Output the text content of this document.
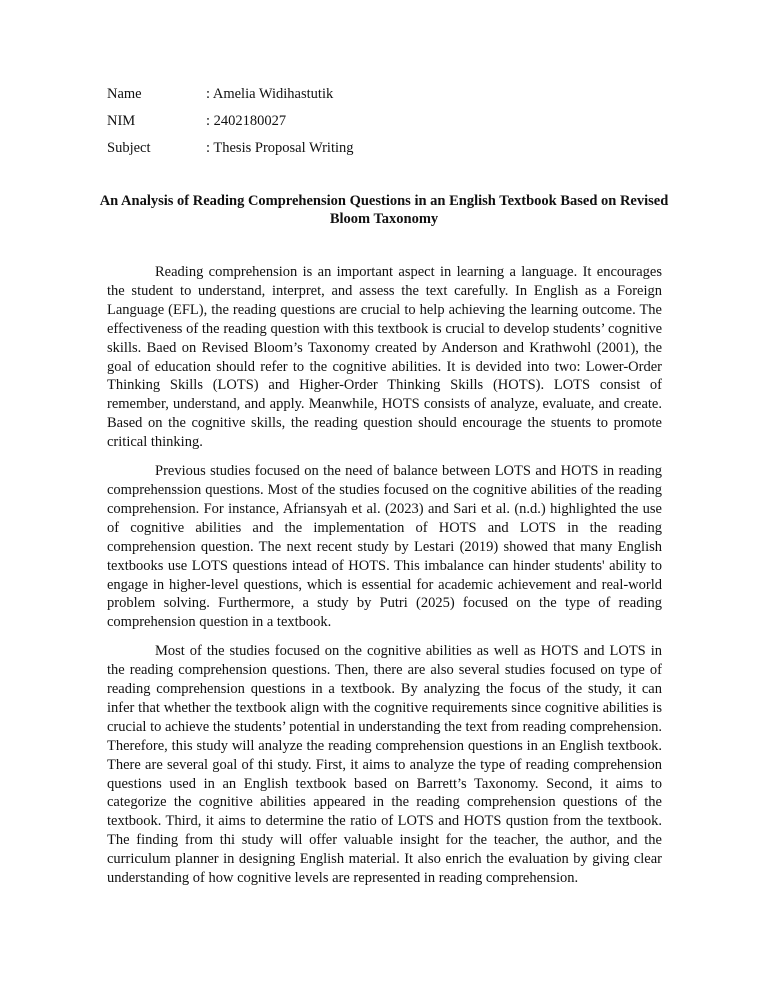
Name	: Amelia Widihastutik
NIM	: 2402180027
Subject	: Thesis Proposal Writing
An Analysis of Reading Comprehension Questions in an English Textbook Based on Revised Bloom Taxonomy

Reading comprehension is an important aspect in learning a language. It encourages the student to understand, interpret, and assess the text carefully. In English as a Foreign Language (EFL), the reading questions are crucial to help achieving the learning outcome. The effectiveness of the reading question with this textbook is crucial to develop students’ cognitive skills. Baed on Revised Bloom’s Taxonomy created by Anderson and Krathwohl (2001), the goal of education should refer to the cognitive abilities. It is devided into two: Lower-Order Thinking Skills (LOTS) and Higher-Order Thinking Skills (HOTS). LOTS consist of remember, understand, and apply. Meanwhile, HOTS consists of analyze, evaluate, and create. Based on the cognitive skills, the reading question should encourage the stuents to promote critical thinking.

Previous studies focused on the need of balance between LOTS and HOTS in reading comprehenssion questions. Most of the studies focused on the cognitive abilities of the reading comprehension. For instance, Afriansyah et al. (2023) and Sari et al. (n.d.) highlighted the use of cognitive abilities and the implementation of HOTS and LOTS in the reading comprehension question. The next recent study by Lestari (2019) showed that many English textbooks use LOTS questions intead of HOTS. This imbalance can hinder students' ability to engage in higher-level questions, which is essential for academic achievement and real-world problem solving. Furthermore, a study by Putri (2025) focused on the type of reading comprehension question in a textbook.

Most of the studies focused on the cognitive abilities as well as HOTS and LOTS in the reading comprehension questions. Then, there are also several studies focused on type of reading comprehension questions in a textbook. By analyzing the focus of the study, it can infer that whether the textbook align with the cognitive requirements since cognitive abilities is crucial to achieve the students’ potential in understanding the text from reading comprehension. Therefore, this study will analyze the reading comprehension questions in an English textbook. There are several goal of thi study. First, it aims to analyze the type of reading comprehension questions used in an English textbook based on Barrett’s Taxonomy. Second, it aims to categorize the cognitive abilities appeared in the reading comprehension questions of the textbook. Third, it aims to determine the ratio of LOTS and HOTS qustion from the textbook. The finding from thi study will offer valuable insight for the teacher, the author, and the curriculum planner in designing English material. It also enrich the evaluation by giving clear understanding of how cognitive levels are represented in reading comprehension.
